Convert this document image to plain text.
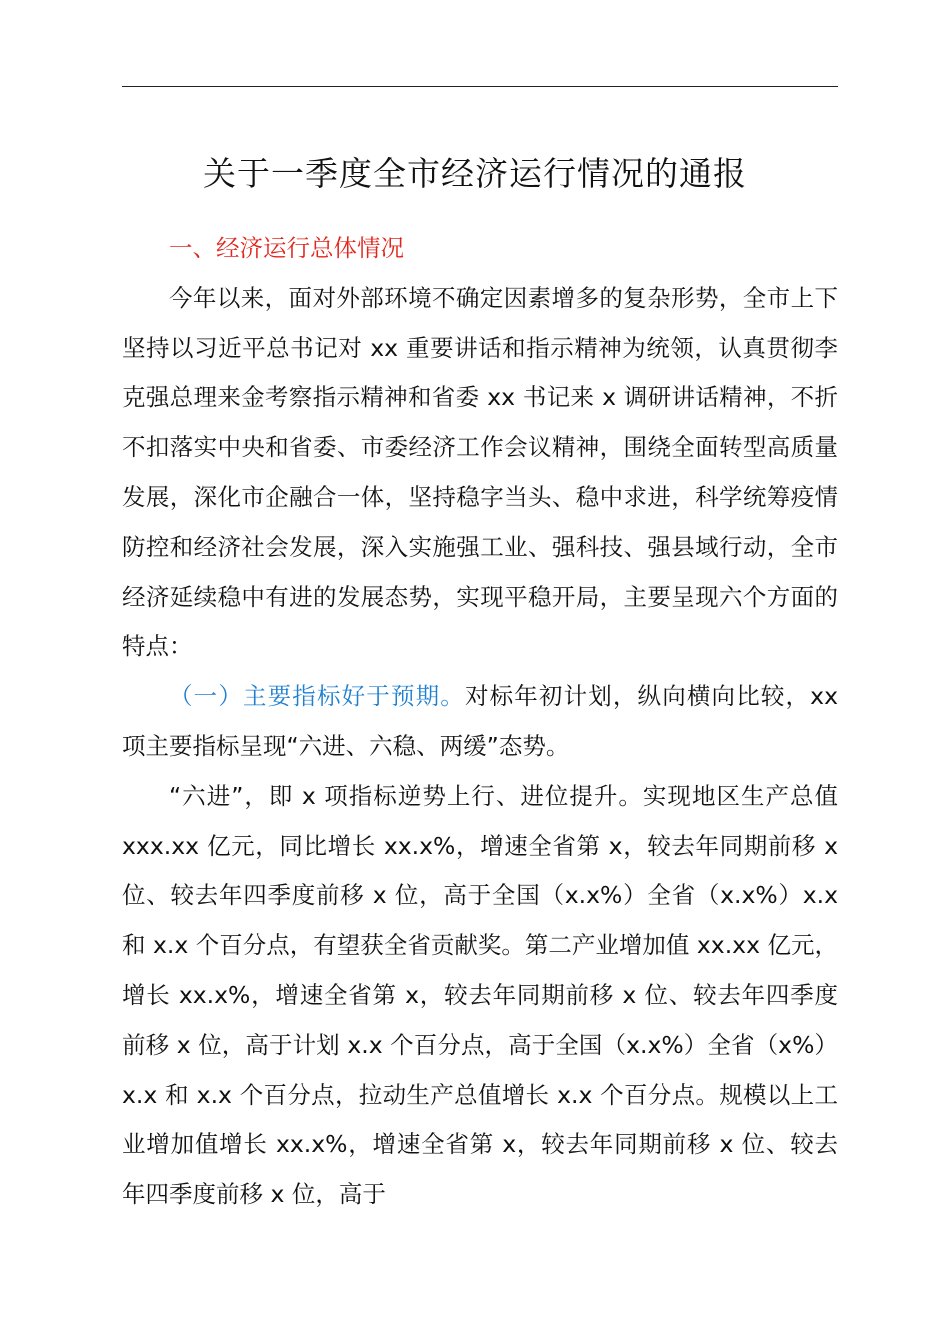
关于一季度全市经济运行情况的通报

一、经济运行总体情况

今年以来，面对外部环境不确定因素增多的复杂形势，全市上下坚持以习近平总书记对 xx 重要讲话和指示精神为统领，认真贯彻李克强总理来金考察指示精神和省委 xx 书记来 x 调研讲话精神，不折不扣落实中央和省委、市委经济工作会议精神，围绕全面转型高质量发展，深化市企融合一体，坚持稳字当头、稳中求进，科学统筹疫情防控和经济社会发展，深入实施强工业、强科技、强县域行动，全市经济延续稳中有进的发展态势，实现平稳开局，主要呈现六个方面的特点：

（一）主要指标好于预期。对标年初计划，纵向横向比较，xx 项主要指标呈现“六进、六稳、两缓”态势。

“六进”，即 x 项指标逆势上行、进位提升。实现地区生产总值 xxx.xx 亿元，同比增长 xx.x%，增速全省第 x，较去年同期前移 x 位、较去年四季度前移 x 位，高于全国（x.x%）全省（x.x%）x.x 和 x.x 个百分点，有望获全省贡献奖。第二产业增加值 xx.xx 亿元，增长 xx.x%，增速全省第 x，较去年同期前移 x 位、较去年四季度前移 x 位，高于计划 x.x 个百分点，高于全国（x.x%）全省（x%）x.x 和 x.x 个百分点，拉动生产总值增长 x.x 个百分点。规模以上工业增加值增长 xx.x%，增速全省第 x，较去年同期前移 x 位、较去年四季度前移 x 位，高于
